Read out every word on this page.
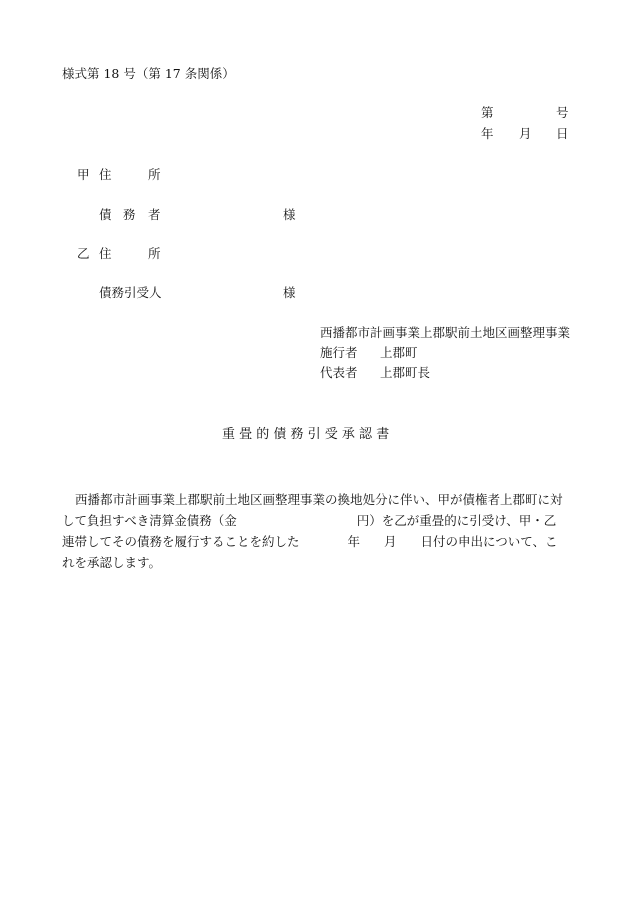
様式第 18 号（第 17 条関係）
第	号
年 月 日
甲 住	所
債 務 者	様
乙 住	所
債務引受人	様
西播都市計画事業上郡駅前土地区画整理事業
施行者 上郡町
代表者 上郡町長
重 畳 的 債 務 引 受 承 認 書
西播都市計画事業上郡駅前土地区画整理事業の換地処分に伴い、甲が債権者上郡町に対して負担すべき清算金債務（金	円）を乙が重畳的に引受け、甲・乙連帯してその債務を履行することを約した	年 月 日付の申出について、これを承認します。
